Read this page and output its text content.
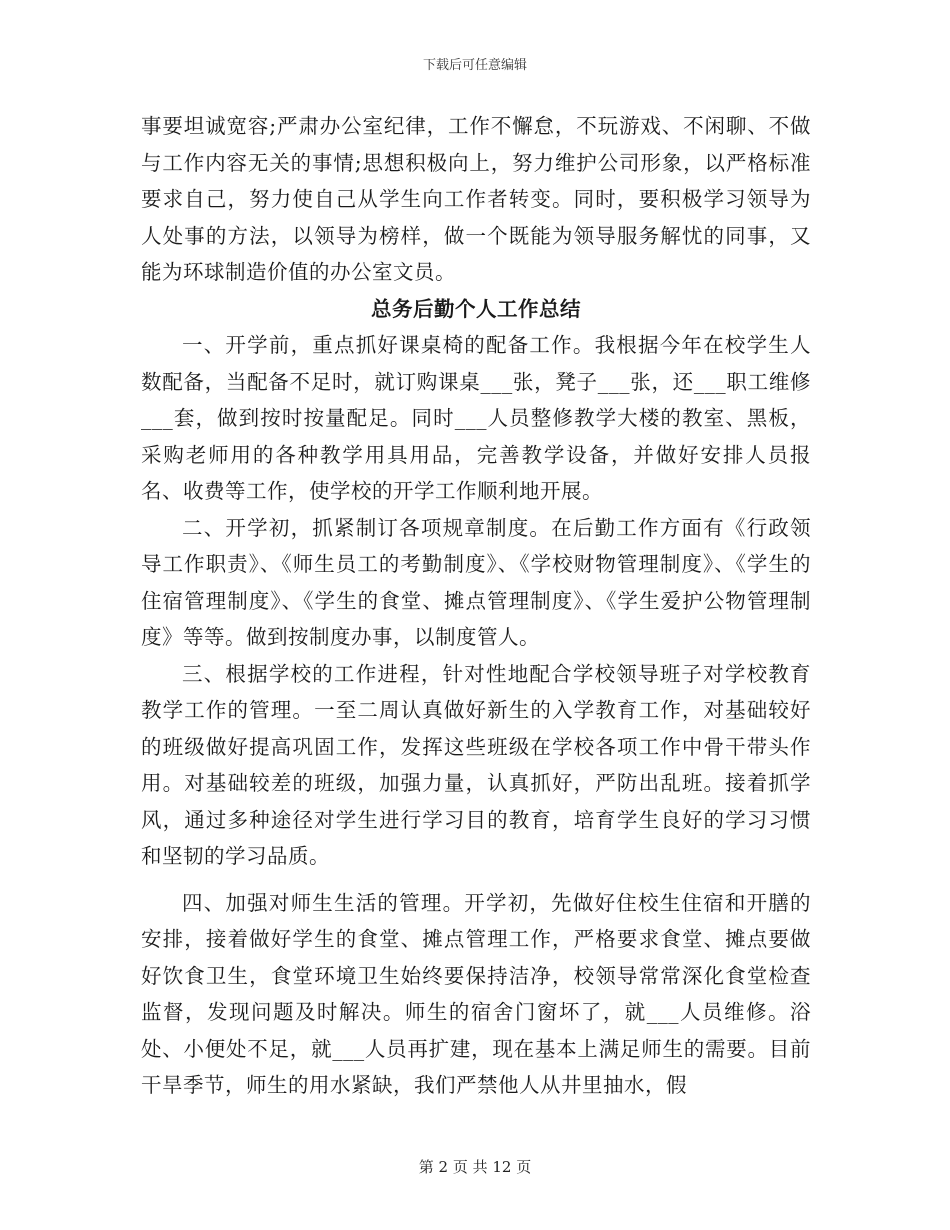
下载后可任意编辑

事要坦诚宽容;严肃办公室纪律，工作不懈怠，不玩游戏、不闲聊、不做与工作内容无关的事情;思想积极向上，努力维护公司形象，以严格标准要求自己，努力使自己从学生向工作者转变。同时，要积极学习领导为人处事的方法，以领导为榜样，做一个既能为领导服务解忧的同事，又能为环球制造价值的办公室文员。

总务后勤个人工作总结

一、开学前，重点抓好课桌椅的配备工作。我根据今年在校学生人数配备，当配备不足时，就订购课桌___张，凳子___张，还___职工维修___套，做到按时按量配足。同时___人员整修教学大楼的教室、黑板，采购老师用的各种教学用具用品，完善教学设备，并做好安排人员报名、收费等工作，使学校的开学工作顺利地开展。

二、开学初，抓紧制订各项规章制度。在后勤工作方面有《行政领导工作职责》、《师生员工的考勤制度》、《学校财物管理制度》、《学生的住宿管理制度》、《学生的食堂、摊点管理制度》、《学生爱护公物管理制度》等等。做到按制度办事，以制度管人。

三、根据学校的工作进程，针对性地配合学校领导班子对学校教育教学工作的管理。一至二周认真做好新生的入学教育工作，对基础较好的班级做好提高巩固工作，发挥这些班级在学校各项工作中骨干带头作用。对基础较差的班级，加强力量，认真抓好，严防出乱班。接着抓学风，通过多种途径对学生进行学习目的教育，培育学生良好的学习习惯和坚韧的学习品质。

四、加强对师生生活的管理。开学初，先做好住校生住宿和开膳的安排，接着做好学生的食堂、摊点管理工作，严格要求食堂、摊点要做好饮食卫生，食堂环境卫生始终要保持洁净，校领导常常深化食堂检查监督，发现问题及时解决。师生的宿舍门窗坏了，就___人员维修。浴处、小便处不足，就___人员再扩建，现在基本上满足师生的需要。目前干旱季节，师生的用水紧缺，我们严禁他人从井里抽水，假

第 2 页 共 12 页
